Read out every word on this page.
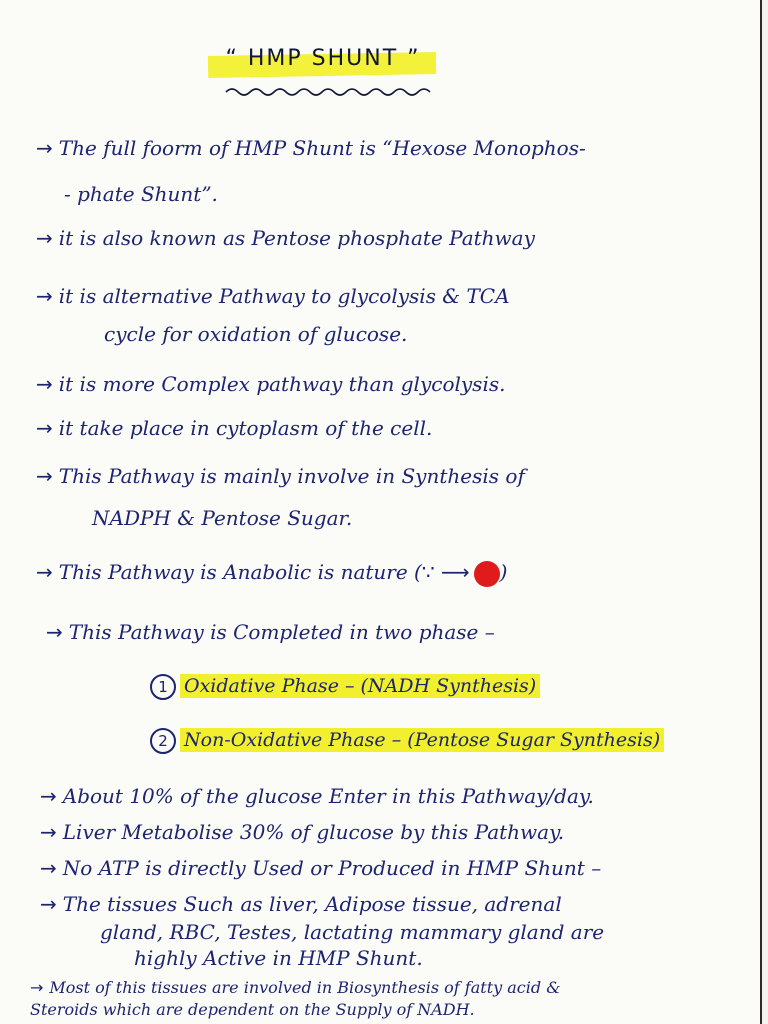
“ HMP SHUNT ”
→ The full foorm of HMP Shunt is “Hexose Monophos-
- phate Shunt”.
→ it is also known as Pentose phosphate Pathway
→ it is alternative Pathway to glycolysis & TCA
cycle for oxidation of glucose.
→ it is more Complex pathway than glycolysis.
→ it take place in cytoplasm of the cell.
→ This Pathway is mainly involve in Synthesis of
NADPH & Pentose Sugar.
→ This Pathway is Anabolic is nature (∵ ⟶ )
→ This Pathway is Completed in two phase –
1 Oxidative Phase – (NADH Synthesis)
2 Non-Oxidative Phase – (Pentose Sugar Synthesis)
→ About 10% of the glucose Enter in this Pathway/day.
→ Liver Metabolise 30% of glucose by this Pathway.
→ No ATP is directly Used or Produced in HMP Shunt –
→ The tissues Such as liver, Adipose tissue, adrenal
gland, RBC, Testes, lactating mammary gland are
highly Active in HMP Shunt.
→ Most of this tissues are involved in Biosynthesis of fatty acid &
Steroids which are dependent on the Supply of NADH.
